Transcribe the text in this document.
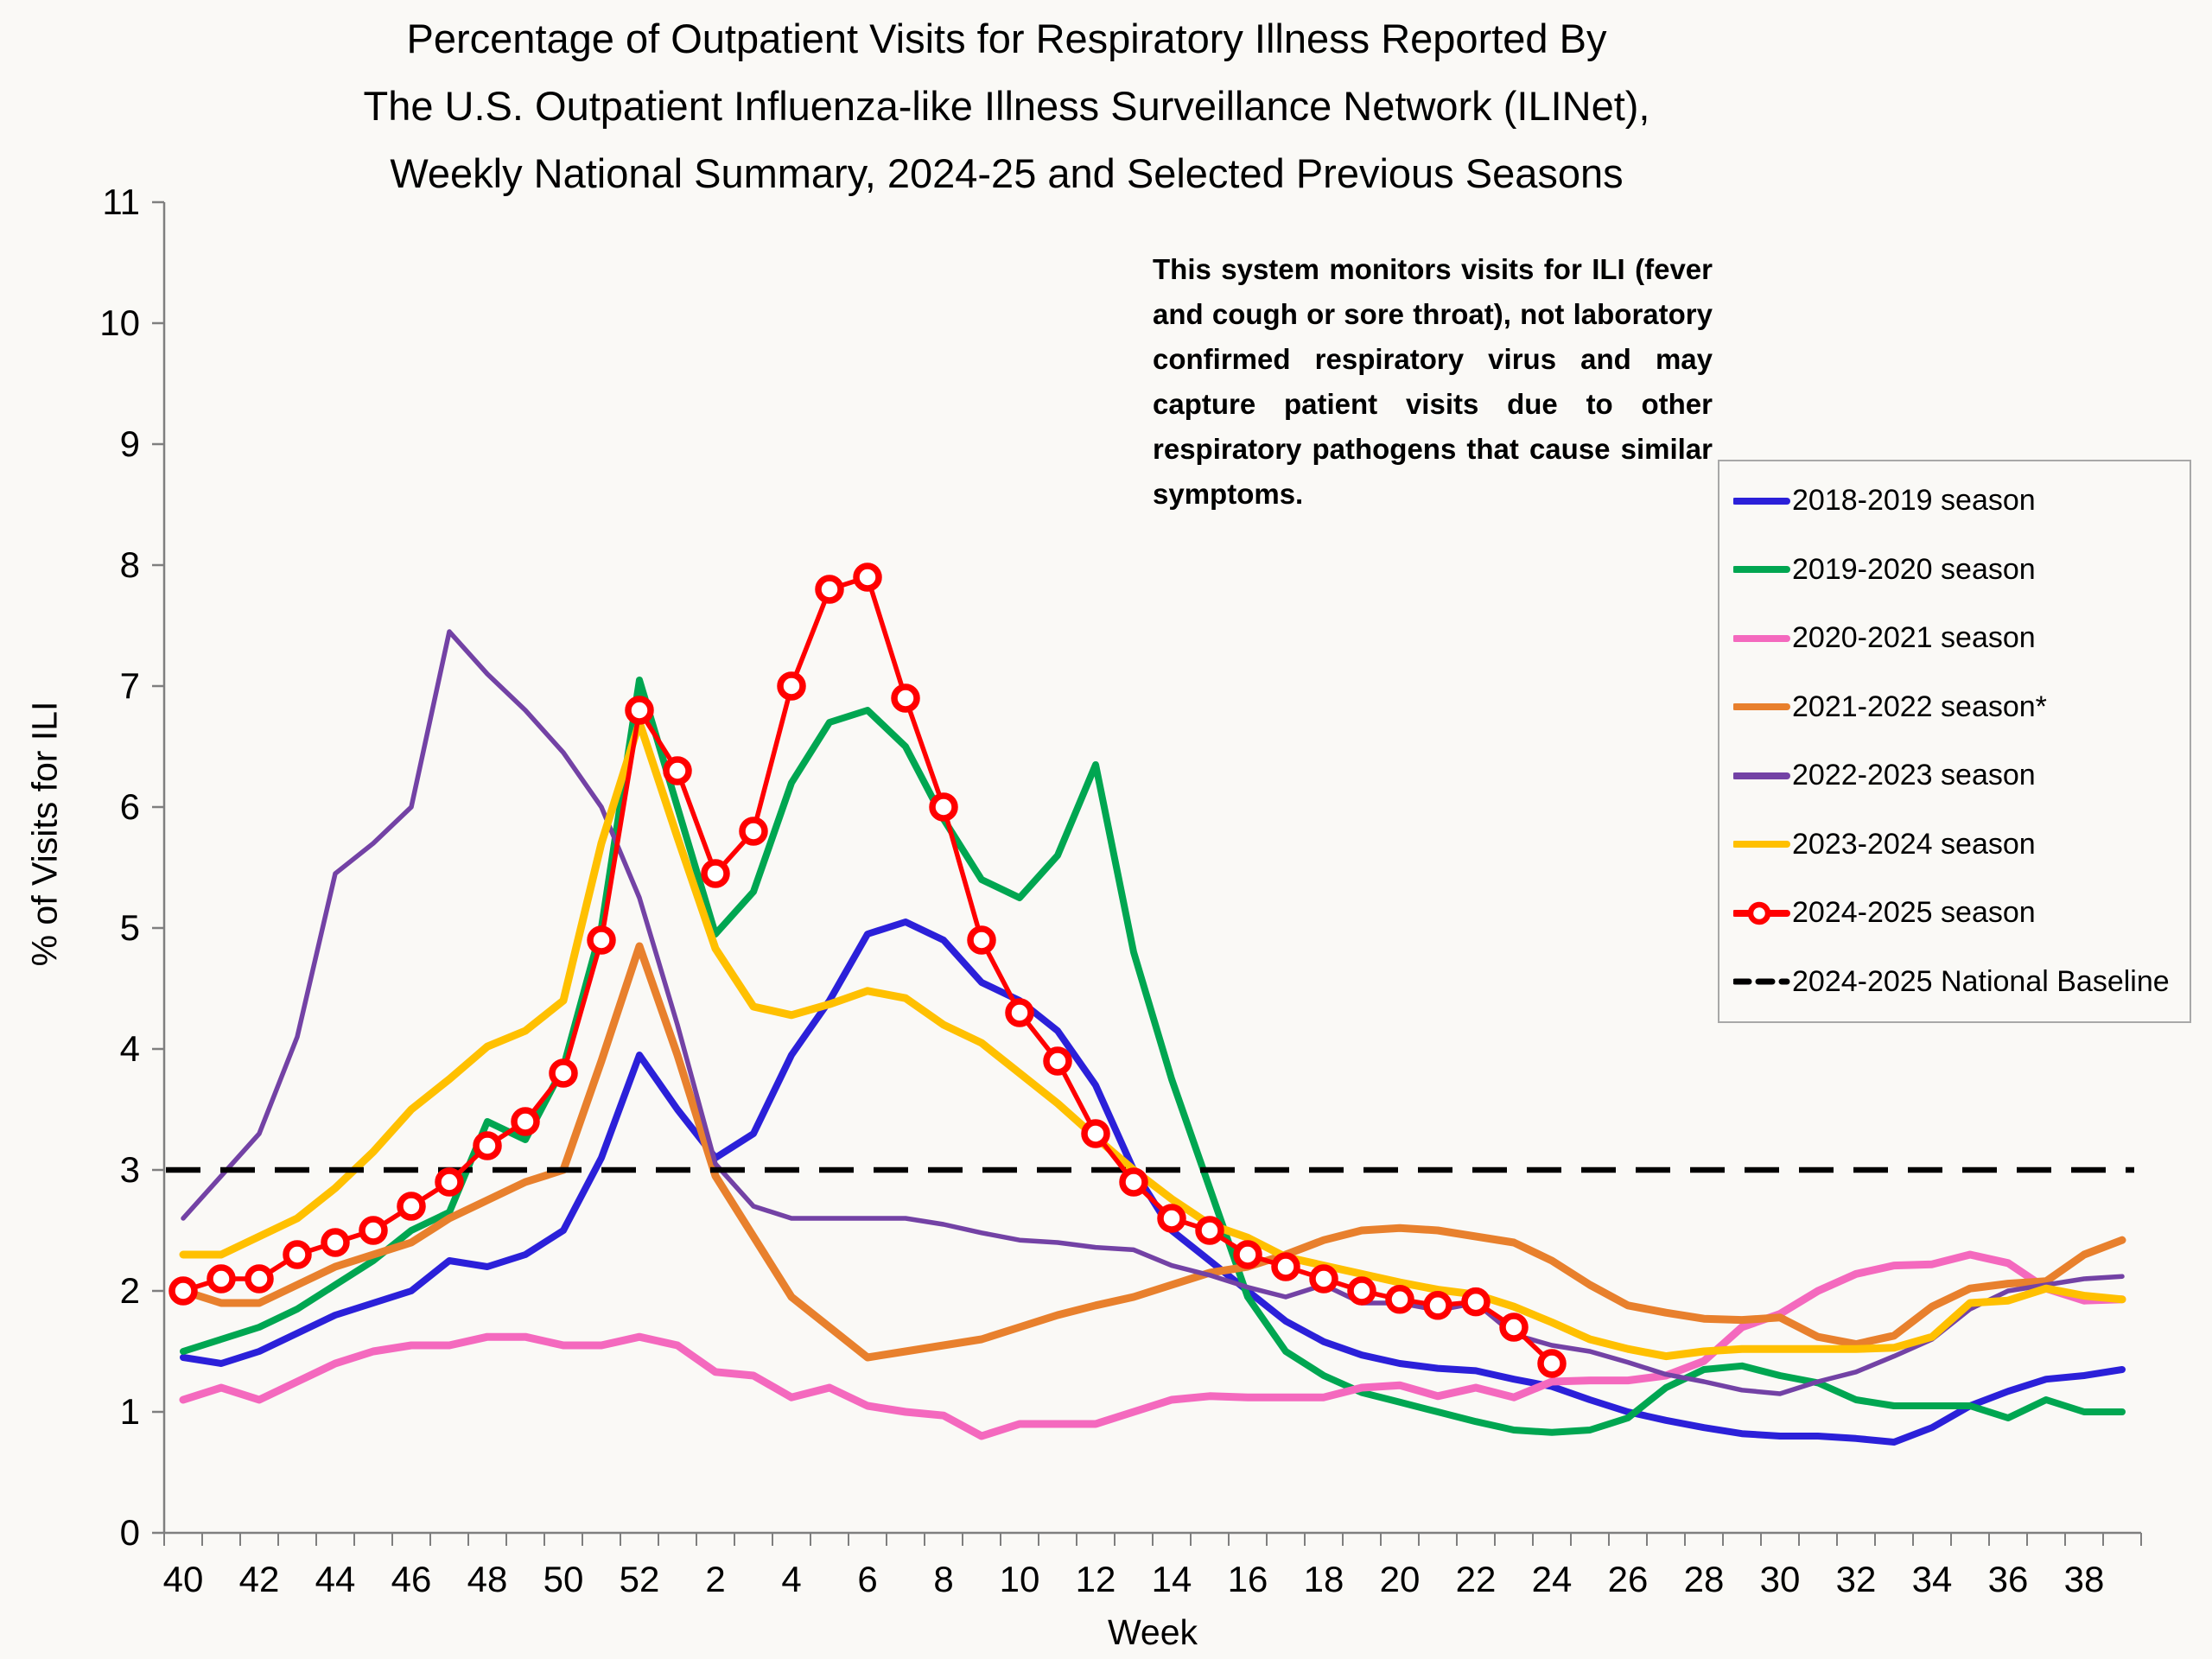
Percentage of Outpatient Visits for Respiratory Illness Reported By
The U.S. Outpatient Influenza-like Illness Surveillance Network (ILINet),
Weekly National Summary, 2024-25 and Selected Previous Seasons
0
1
2
3
4
5
6
7
8
9
10
11
40 42 44 46 48 50 52 2 4 6 8 10 12 14 16 18 20 22 24 26 28 30 32 34 36 38
% of Visits for ILI
Week
This system monitors visits for ILI (fever and cough or sore throat), not laboratory confirmed respiratory virus and may capture patient visits due to other respiratory pathogens that cause similar symptoms.	2018-2019 season
2019-2020 season
2020-2021 season
2021-2022 season*
2022-2023 season
2023-2024 season
2024-2025 season
2024-2025 National Baseline
